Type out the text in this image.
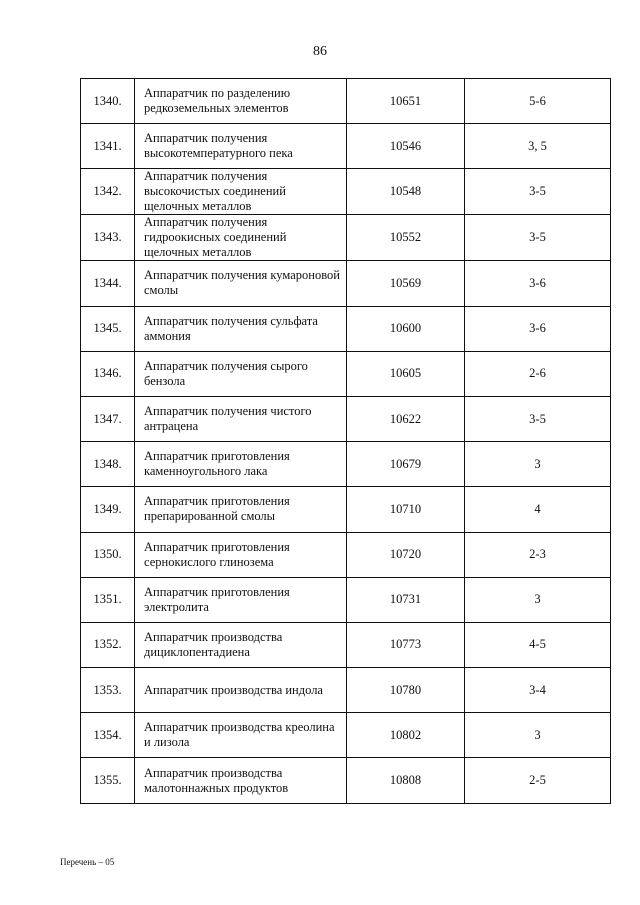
86
1340.	Аппаратчик по разделению редкоземельных элементов	10651	5-6
1341.	Аппаратчик получения высокотемпературного пека	10546	3, 5
1342.	Аппаратчик получения высокочистых соединений щелочных металлов	10548	3-5
1343.	Аппаратчик получения гидроокисных соединений щелочных металлов	10552	3-5
1344.	Аппаратчик получения кумароновой смолы	10569	3-6
1345.	Аппаратчик получения сульфата аммония	10600	3-6
1346.	Аппаратчик получения сырого бензола	10605	2-6
1347.	Аппаратчик получения чистого антрацена	10622	3-5
1348.	Аппаратчик приготовления каменноугольного лака	10679	3
1349.	Аппаратчик приготовления препарированной смолы	10710	4
1350.	Аппаратчик приготовления сернокислого глинозема	10720	2-3
1351.	Аппаратчик приготовления электролита	10731	3
1352.	Аппаратчик производства дициклопентадиена	10773	4-5
1353.	Аппаратчик производства индола	10780	3-4
1354.	Аппаратчик производства креолина и лизола	10802	3
1355.	Аппаратчик производства малотоннажных продуктов	10808	2-5
Перечень – 05
